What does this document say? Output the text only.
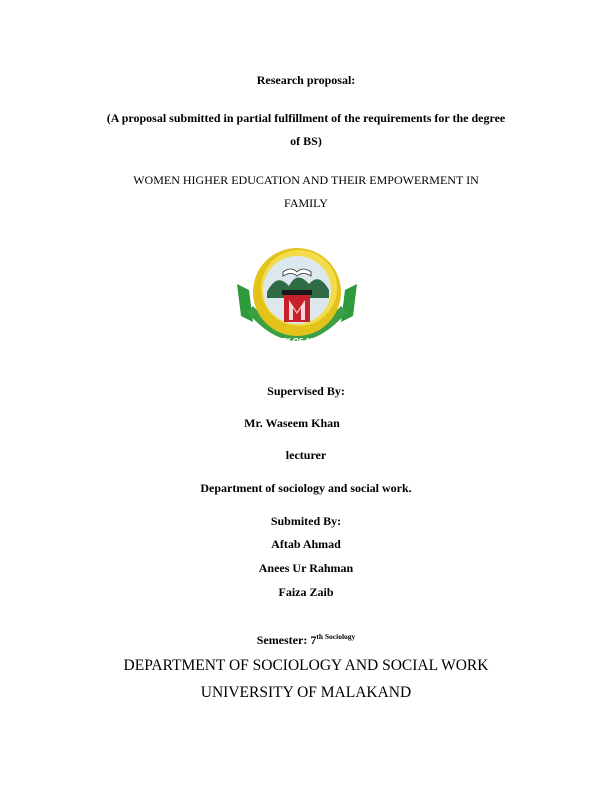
Research proposal:
(A proposal submitted in partial fulfillment of the requirements for the degree
of BS)
WOMEN HIGHER EDUCATION AND THEIR EMPOWERMENT IN
FAMILY
UNIVERSITY OF MALAKAND
Supervised By:
Mr. Waseem Khan
lecturer
Department of sociology and social work.
Submited By:
Aftab Ahmad
Anees Ur Rahman
Faiza Zaib
Semester: $7^{th Sociology}$
DEPARTMENT OF SOCIOLOGY AND SOCIAL WORK
UNIVERSITY OF MALAKAND
